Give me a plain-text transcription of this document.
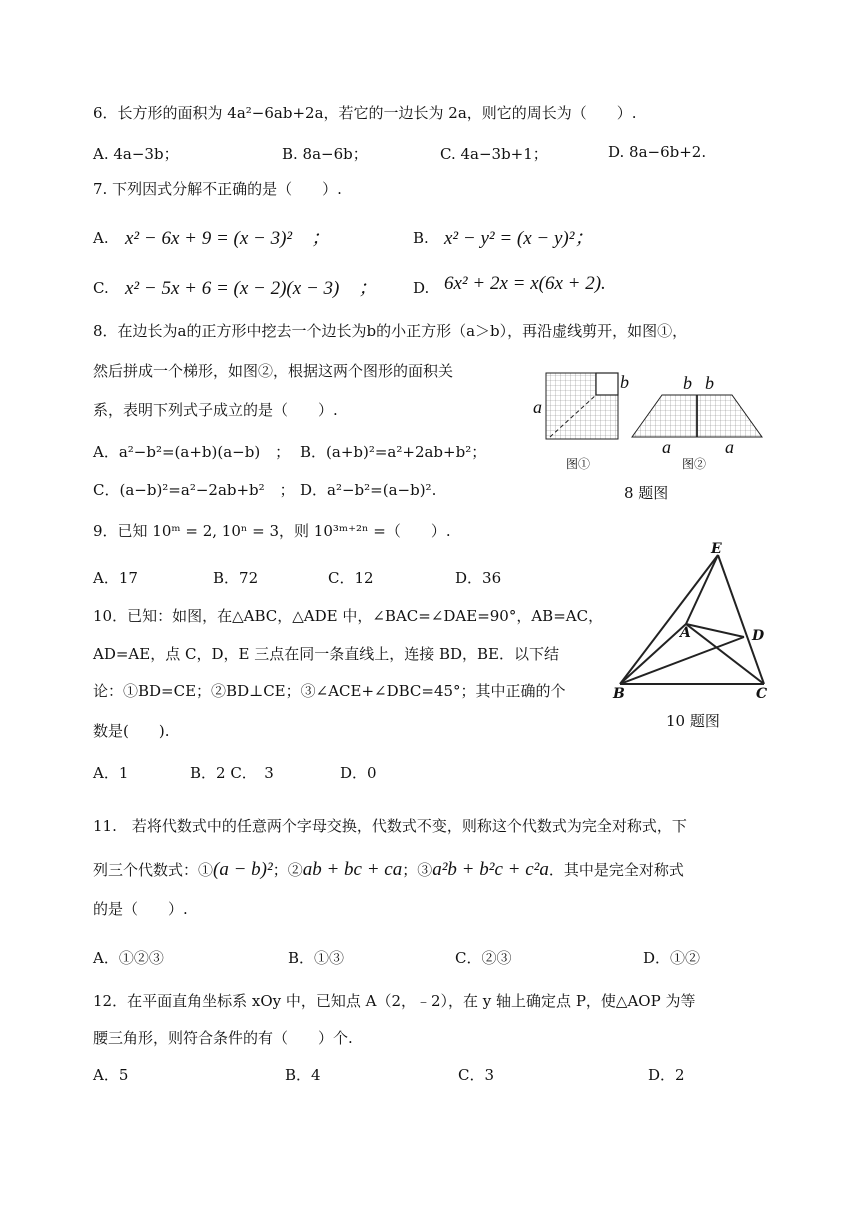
6．长方形的面积为 4a²−6ab+2a，若它的一边长为 2a，则它的周长为（　　）.
A. 4a−3b；	B. 8a−6b；	C. 4a−3b+1；	D. 8a−6b+2.
7. 下列因式分解不正确的是（　　）.
A. x² − 6x + 9 = (x − 3)²　；	B. x² − y² = (x − y)²；
C. x² − 5x + 6 = (x − 2)(x − 3)　； D. 6x² + 2x = x(6x + 2).
8．在边长为a的正方形中挖去一个边长为b的小正方形（a＞b），再沿虚线剪开，如图①，
然后拼成一个梯形，如图②，根据这两个图形的面积关
系，表明下列式子成立的是（　　）.
A．a²−b²=(a+b)(a−b)　； B．(a+b)²=a²+2ab+b²；
C．(a−b)²=a²−2ab+b²　； D．a²−b²=(a−b)².
b
a
b b
a	a
图①	图②
8 题图
9．已知 10ᵐ = 2, 10ⁿ = 3，则 10³ᵐ⁺²ⁿ =（　　）.
A．17	B．72	C．12	D．36
10．已知：如图，在△ABC，△ADE 中，∠BAC=∠DAE=90°，AB=AC，
AD=AE，点 C，D，E 三点在同一条直线上，连接 BD，BE．以下结
论：①BD=CE；②BD⊥CE；③∠ACE+∠DBC=45°；其中正确的个
数是(　　).
A．1	B．2 C．　3	D．0
E
A	D
B	C
10 题图
11.　若将代数式中的任意两个字母交换，代数式不变，则称这个代数式为完全对称式，下
列三个代数式：①(a − b)²；②ab + bc + ca；③a²b + b²c + c²a．其中是完全对称式
的是（　　）.
A．①②③	B．①③	C．②③	D．①②
12．在平面直角坐标系 xOy 中，已知点 A（2，﹣2），在 y 轴上确定点 P，使△AOP 为等
腰三角形，则符合条件的有（　　）个.
A．5	B．4	C．3	D．2
